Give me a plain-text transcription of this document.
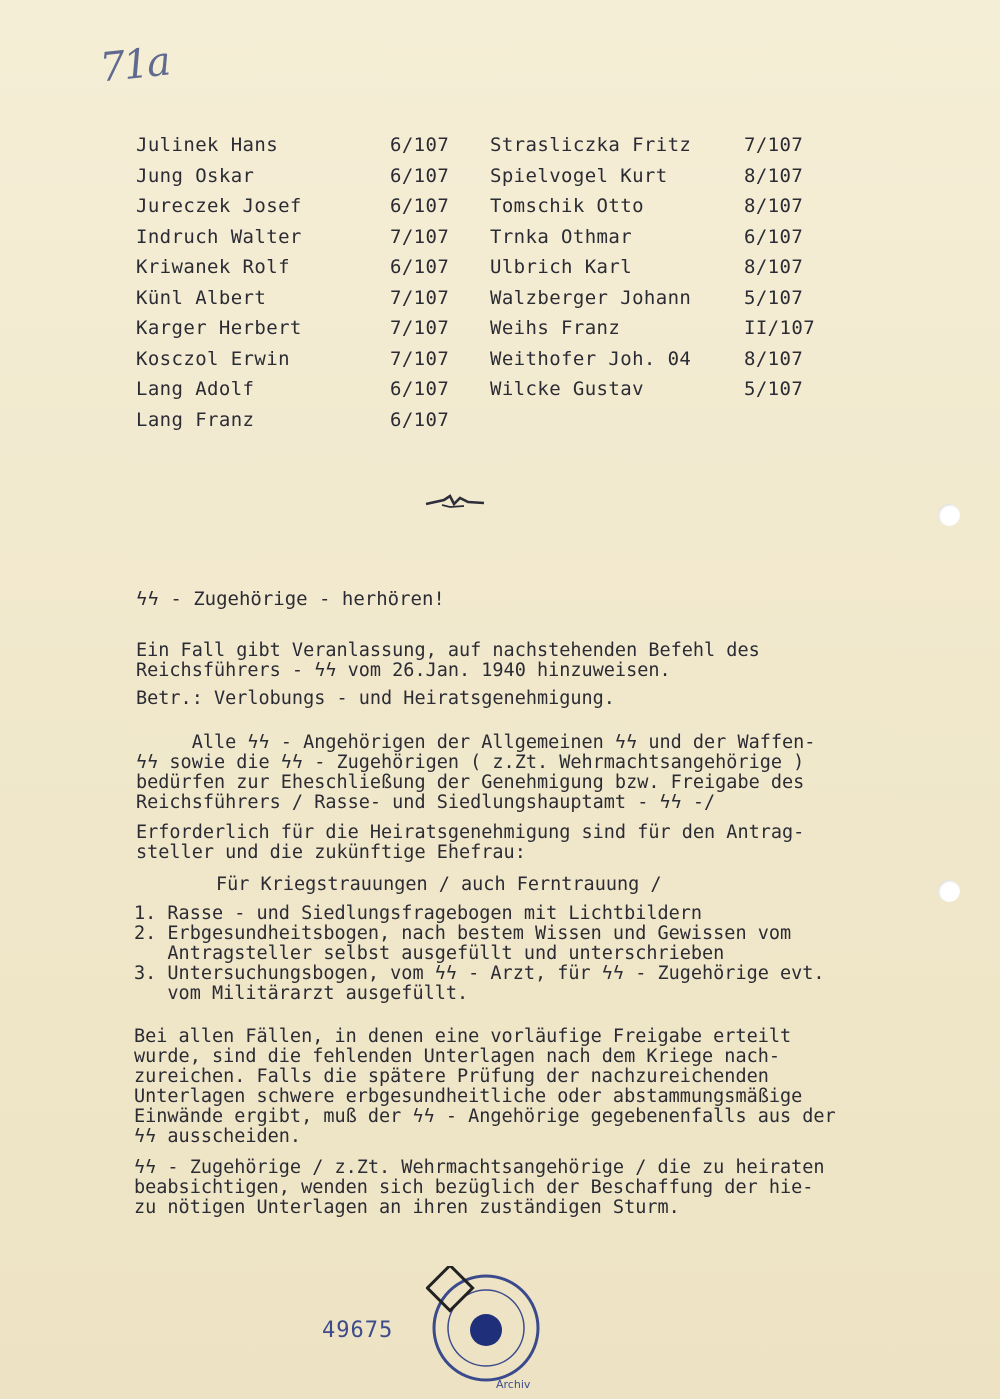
71a
Julinek Hans	6/107
Jung Oskar	6/107
Jureczek Josef	6/107
Indruch Walter	7/107
Kriwanek Rolf	6/107
Künl Albert	7/107
Karger Herbert	7/107
Kosczol Erwin	7/107
Lang Adolf	6/107
Lang Franz	6/107
Strasliczka Fritz	7/107
Spielvogel Kurt	8/107
Tomschik Otto	8/107
Trnka Othmar	6/107
Ulbrich Karl	8/107
Walzberger Johann	5/107
Weihs Franz	II/107
Weithofer Joh. 04	8/107
Wilcke Gustav	5/107
ϟϟ - Zugehörige - herhören!
Ein Fall gibt Veranlassung, auf nachstehenden Befehl des
Reichsführers - ϟϟ vom 26.Jan. 1940 hinzuweisen.
Betr.: Verlobungs - und Heiratsgenehmigung.
Alle ϟϟ - Angehörigen der Allgemeinen ϟϟ und der Waffen-
ϟϟ sowie die ϟϟ - Zugehörigen ( z.Zt. Wehrmachtsangehörige )
bedürfen zur Eheschließung der Genehmigung bzw. Freigabe des
Reichsführers / Rasse- und Siedlungshauptamt - ϟϟ -/
Erforderlich für die Heiratsgenehmigung sind für den Antrag-
steller und die zukünftige Ehefrau:
Für Kriegstrauungen / auch Ferntrauung /
1. Rasse - und Siedlungsfragebogen mit Lichtbildern
2. Erbgesundheitsbogen, nach bestem Wissen und Gewissen vom
Antragsteller selbst ausgefüllt und unterschrieben
3. Untersuchungsbogen, vom ϟϟ - Arzt, für ϟϟ - Zugehörige evt.
vom Militärarzt ausgefüllt.
Bei allen Fällen, in denen eine vorläufige Freigabe erteilt
wurde, sind die fehlenden Unterlagen nach dem Kriege nach-
zureichen. Falls die spätere Prüfung der nachzureichenden
Unterlagen schwere erbgesundheitliche oder abstammungsmäßige
Einwände ergibt, muß der ϟϟ - Angehörige gegebenenfalls aus der
ϟϟ ausscheiden.
ϟϟ - Zugehörige / z.Zt. Wehrmachtsangehörige / die zu heiraten
beabsichtigen, wenden sich bezüglich der Beschaffung der hie-
zu nötigen Unterlagen an ihren zuständigen Sturm.
49675
Archiv
